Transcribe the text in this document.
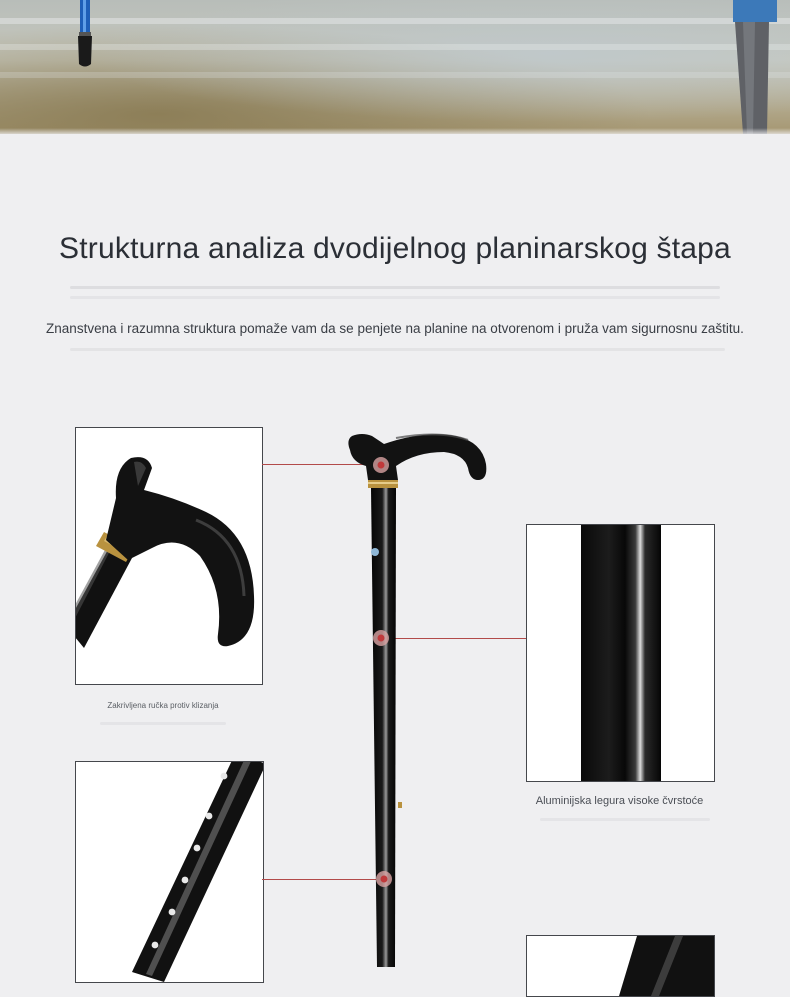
Strukturna analiza dvodijelnog planinarskog štapa

Znanstvena i razumna struktura pomaže vam da se penjete na planine na otvorenom i pruža vam sigurnosnu zaštitu.

Zakrivljena ručka protiv klizanja
Aluminijska legura visoke čvrstoće
